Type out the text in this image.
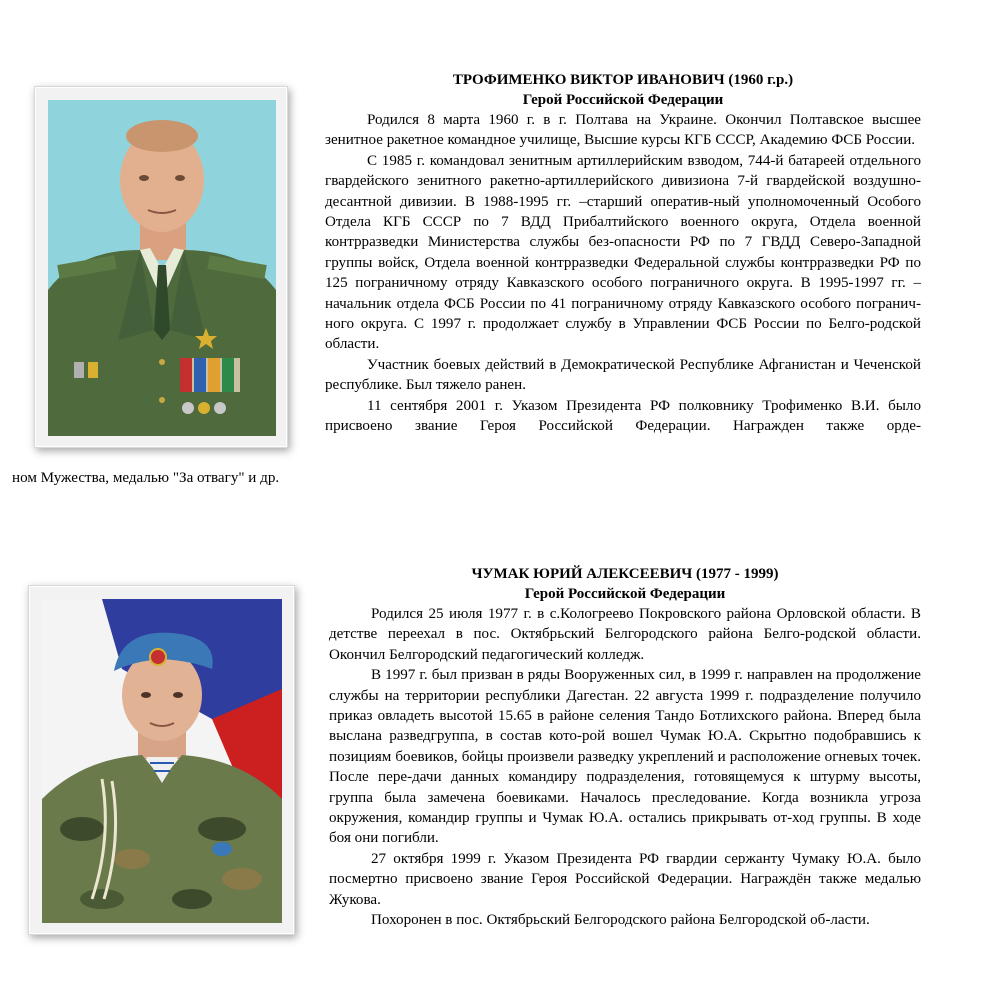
ТРОФИМЕНКО ВИКТОР ИВАНОВИЧ (1960 г.р.)
Герой Российской Федерации

Родился 8 марта 1960 г. в г. Полтава на Украине. Окончил Полтавское высшее зенитное ракетное командное училище, Высшие курсы КГБ СССР, Академию ФСБ России.

С 1985 г. командовал зенитным артиллерийским взводом, 744-й батареей отдельного гвардейского зенитного ракетно-артиллерийского дивизиона 7-й гвардейской воздушно-десантной дивизии. В 1988-1995 гг. –старший оператив-ный уполномоченный Особого Отдела КГБ СССР по 7 ВДД Прибалтийского военного округа, Отдела военной контрразведки Министерства службы без-опасности РФ по 7 ГВДД Северо-Западной группы войск, Отдела военной контрразведки Федеральной службы контрразведки РФ по 125 пограничному отряду Кавказского особого пограничного округа. В 1995-1997 гг. – начальник отдела ФСБ России по 41 пограничному отряду Кавказского особого погранич-ного округа. С 1997 г. продолжает службу в Управлении ФСБ России по Белго-родской области.

Участник боевых действий в Демократической Республике Афганистан и Чеченской республике. Был тяжело ранен.

11 сентября 2001 г. Указом Президента РФ полковнику Трофименко В.И. было присвоено звание Героя Российской Федерации. Награжден также орде-

ном Мужества, медалью "За отвагу" и др.
ЧУМАК ЮРИЙ АЛЕКСЕЕВИЧ (1977 - 1999)
Герой Российской Федерации

Родился 25 июля 1977 г. в с.Кологреево Покровского района Орловской области. В детстве переехал в пос. Октябрьский Белгородского района Белго-родской области. Окончил Белгородский педагогический колледж.

В 1997 г. был призван в ряды Вооруженных сил, в 1999 г. направлен на продолжение службы на территории республики Дагестан. 22 августа 1999 г. подразделение получило приказ овладеть высотой 15.65 в районе селения Тандо Ботлихского района. Вперед была выслана разведгруппа, в состав кото-рой вошел Чумак Ю.А. Скрытно подобравшись к позициям боевиков, бойцы произвели разведку укреплений и расположение огневых точек. После пере-дачи данных командиру подразделения, готовящемуся к штурму высоты, группа была замечена боевиками. Началось преследование. Когда возникла угроза окружения, командир группы и Чумак Ю.А. остались прикрывать от-ход группы. В ходе боя они погибли.

27 октября 1999 г. Указом Президента РФ гвардии сержанту Чумаку Ю.А. было посмертно присвоено звание Героя Российской Федерации. Награждён также медалью Жукова.

Похоронен в пос. Октябрьский Белгородского района Белгородской об-ласти.
